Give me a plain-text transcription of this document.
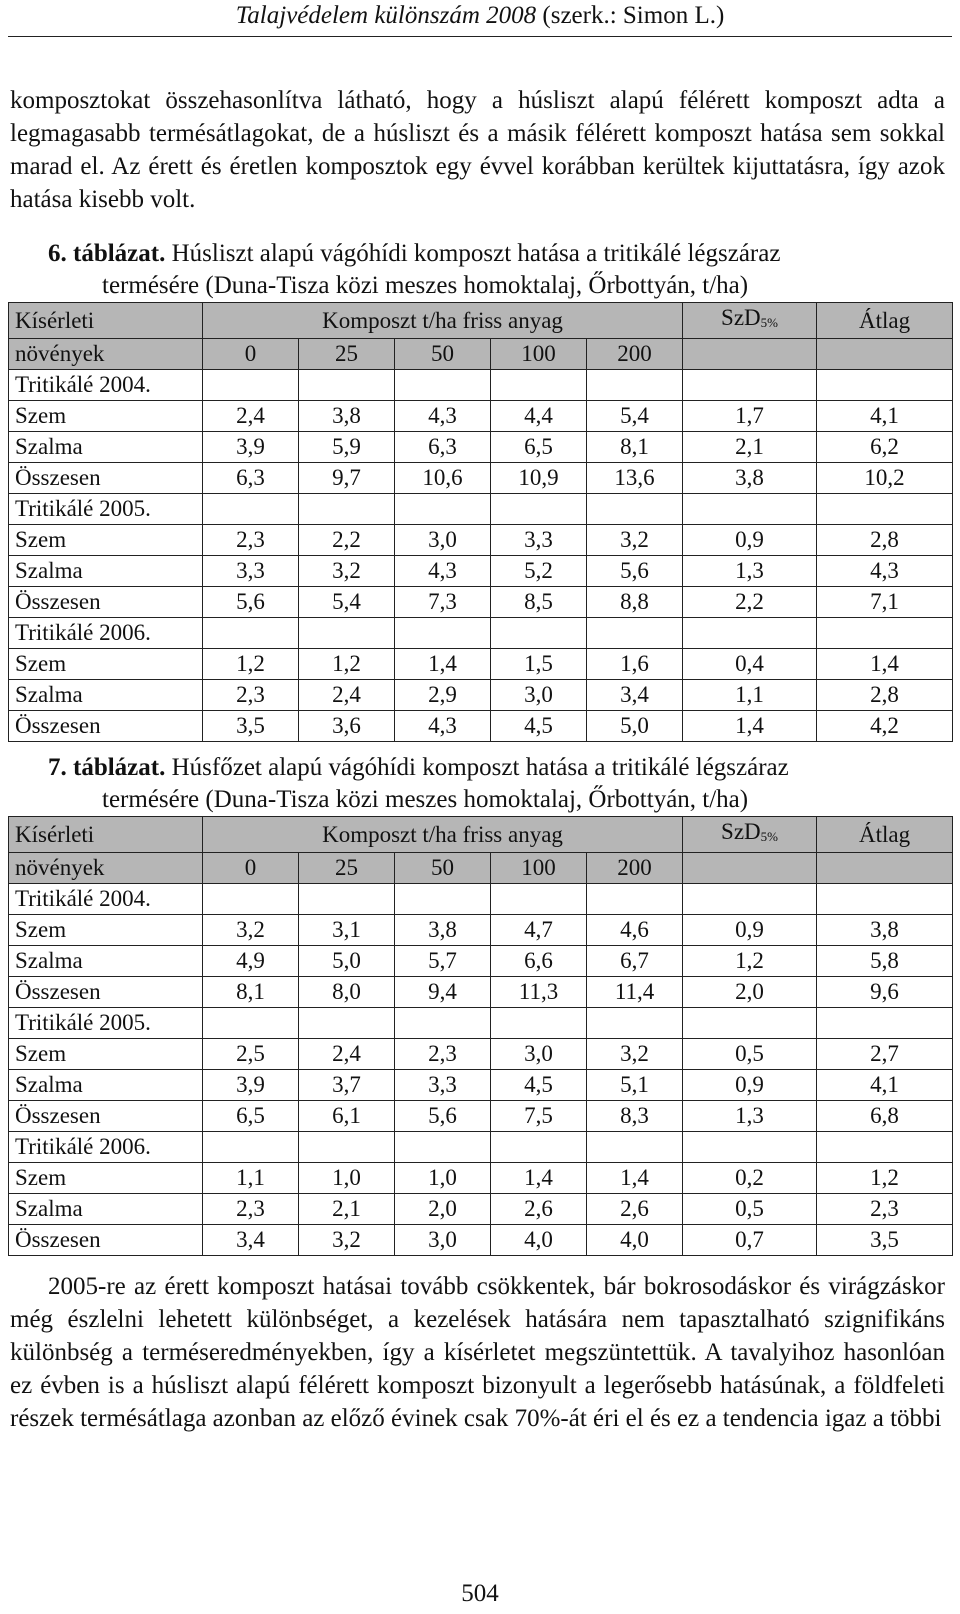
Talajvédelem különszám 2008 (szerk.: Simon L.)

komposztokat összehasonlítva látható, hogy a húsliszt alapú félérett komposzt adta a legmagasabb termésátlagokat, de a húsliszt és a másik félérett komposzt hatása sem sokkal marad el. Az érett és éretlen komposztok egy évvel korábban kerültek kijuttatásra, így azok hatása kisebb volt.

6. táblázat. Húsliszt alapú vágóhídi komposzt hatása a tritikálé légszáraz
termésére (Duna-Tisza közi meszes homoktalaj, Őrbottyán, t/ha)
Kísérleti	Komposzt t/ha friss anyag					SzD$_{5\%}$	Átlag
növények	0	25	50	100	200		
Tritikálé 2004.							
Szem	2,4	3,8	4,3	4,4	5,4	1,7	4,1
Szalma	3,9	5,9	6,3	6,5	8,1	2,1	6,2
Összesen	6,3	9,7	10,6	10,9	13,6	3,8	10,2
Tritikálé 2005.							
Szem	2,3	2,2	3,0	3,3	3,2	0,9	2,8
Szalma	3,3	3,2	4,3	5,2	5,6	1,3	4,3
Összesen	5,6	5,4	7,3	8,5	8,8	2,2	7,1
Tritikálé 2006.							
Szem	1,2	1,2	1,4	1,5	1,6	0,4	1,4
Szalma	2,3	2,4	2,9	3,0	3,4	1,1	2,8
Összesen	3,5	3,6	4,3	4,5	5,0	1,4	4,2
7. táblázat. Húsfőzet alapú vágóhídi komposzt hatása a tritikálé légszáraz
termésére (Duna-Tisza közi meszes homoktalaj, Őrbottyán, t/ha)
Kísérleti	Komposzt t/ha friss anyag					SzD$_{5\%}$	Átlag
növények	0	25	50	100	200		
Tritikálé 2004.							
Szem	3,2	3,1	3,8	4,7	4,6	0,9	3,8
Szalma	4,9	5,0	5,7	6,6	6,7	1,2	5,8
Összesen	8,1	8,0	9,4	11,3	11,4	2,0	9,6
Tritikálé 2005.							
Szem	2,5	2,4	2,3	3,0	3,2	0,5	2,7
Szalma	3,9	3,7	3,3	4,5	5,1	0,9	4,1
Összesen	6,5	6,1	5,6	7,5	8,3	1,3	6,8
Tritikálé 2006.							
Szem	1,1	1,0	1,0	1,4	1,4	0,2	1,2
Szalma	2,3	2,1	2,0	2,6	2,6	0,5	2,3
Összesen	3,4	3,2	3,0	4,0	4,0	0,7	3,5

2005-re az érett komposzt hatásai tovább csökkentek, bár bokrosodáskor és virágzáskor még észlelni lehetett különbséget, a kezelések hatására nem tapasztalható szignifikáns különbség a terméseredményekben, így a kísérletet megszüntettük. A tavalyihoz hasonlóan ez évben is a húsliszt alapú félérett komposzt bizonyult a legerősebb hatásúnak, a földfeleti részek termésátlaga azonban az előző évinek csak 70%-át éri el és ez a tendencia igaz a többi

504
